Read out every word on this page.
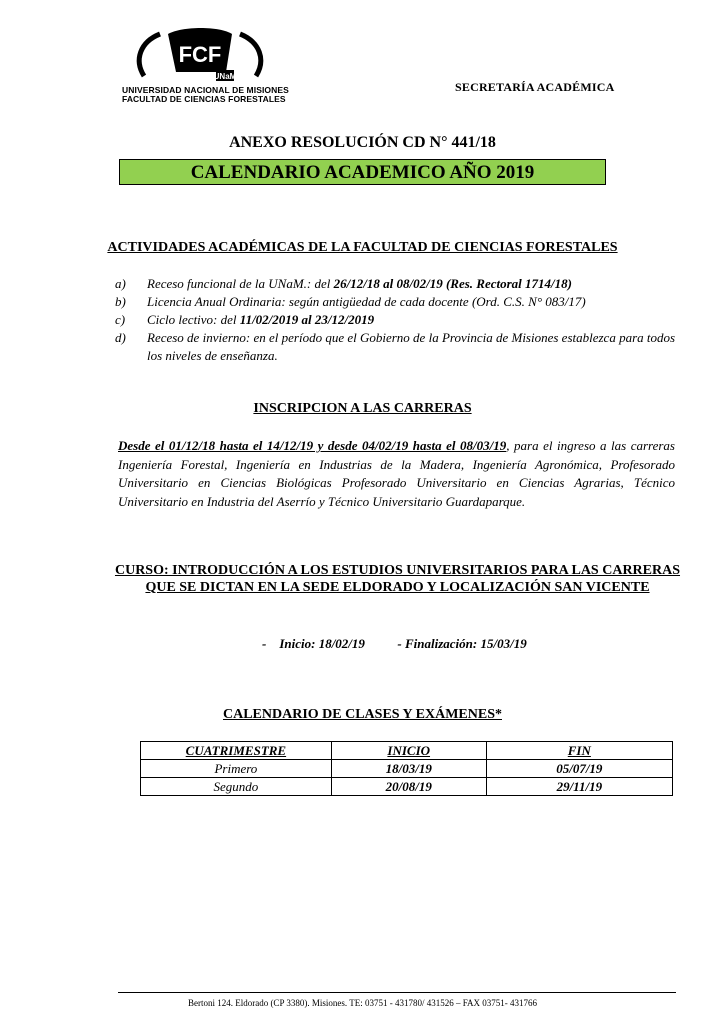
FCF
UNaM
UNIVERSIDAD NACIONAL DE MISIONES
FACULTAD DE CIENCIAS FORESTALES
SECRETARÍA ACADÉMICA
ANEXO RESOLUCIÓN CD N° 441/18
CALENDARIO ACADEMICO AÑO 2019
ACTIVIDADES ACADÉMICAS DE LA FACULTAD DE CIENCIAS FORESTALES
a) Receso funcional de la UNaM.: del 26/12/18 al 08/02/19 (Res. Rectoral 1714/18)
b) Licencia Anual Ordinaria: según antigüedad de cada docente (Ord. C.S. N° 083/17)
c) Ciclo lectivo: del 11/02/2019 al 23/12/2019
d) Receso de invierno: en el período que el Gobierno de la Provincia de Misiones establezca para todos los niveles de enseñanza.
INSCRIPCION A LAS CARRERAS
Desde el 01/12/18 hasta el 14/12/19 y desde 04/02/19 hasta el 08/03/19, para el ingreso a las carreras Ingeniería Forestal, Ingeniería en Industrias de la Madera, Ingeniería Agronómica, Profesorado Universitario en Ciencias Biológicas Profesorado Universitario en Ciencias Agrarias, Técnico Universitario en Industria del Aserrío y Técnico Universitario Guardaparque.
CURSO: INTRODUCCIÓN A LOS ESTUDIOS UNIVERSITARIOS PARA LAS CARRERAS QUE SE DICTAN EN LA SEDE ELDORADO Y LOCALIZACIÓN SAN VICENTE
-    Inicio: 18/02/19          - Finalización: 15/03/19
CALENDARIO DE CLASES Y EXÁMENES*
CUATRIMESTRE	INICIO	FIN
Primero	18/03/19	05/07/19
Segundo	20/08/19	29/11/19
Bertoni 124. Eldorado (CP 3380). Misiones. TE: 03751 - 431780/ 431526 – FAX 03751- 431766
